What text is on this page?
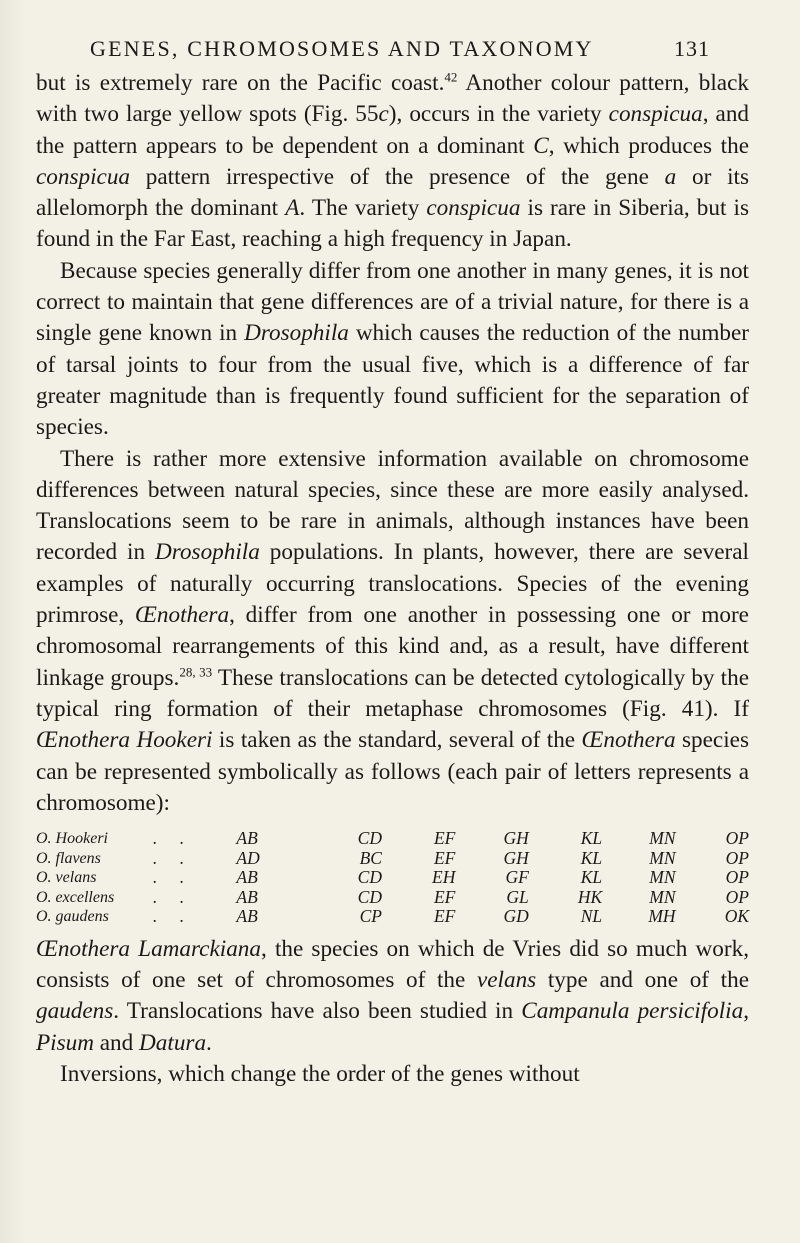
GENES, CHROMOSOMES AND TAXONOMY	131

but is extremely rare on the Pacific coast.$^{42}$ Another colour pattern, black with two large yellow spots (Fig. 55c), occurs in the variety conspicua, and the pattern appears to be dependent on a dominant C, which produces the conspicua pattern irrespective of the presence of the gene a or its allelomorph the dominant A. The variety conspicua is rare in Siberia, but is found in the Far East, reaching a high frequency in Japan.

Because species generally differ from one another in many genes, it is not correct to maintain that gene differences are of a trivial nature, for there is a single gene known in Drosophila which causes the reduction of the number of tarsal joints to four from the usual five, which is a difference of far greater magnitude than is frequently found sufficient for the separation of species.

There is rather more extensive information available on chromosome differences between natural species, since these are more easily analysed. Translocations seem to be rare in animals, although instances have been recorded in Drosophila populations. In plants, however, there are several examples of naturally occurring translocations. Species of the evening primrose, Œnothera, differ from one another in possessing one or more chromosomal rearrangements of this kind and, as a result, have different linkage groups.$^{28, 33}$ These translocations can be detected cytologically by the typical ring formation of their metaphase chromosomes (Fig. 41). If Œnothera Hookeri is taken as the standard, several of the Œnothera species can be represented symbolically as follows (each pair of letters represents a chromosome):

O. Hookeri	.    .	AB	CD	EF	GH	KL	MN	OP
O. flavens	.    .	AD	BC	EF	GH	KL	MN	OP
O. velans	.    .	AB	CD	EH	GF	KL	MN	OP
O. excellens	.    .	AB	CD	EF	GL	HK	MN	OP
O. gaudens	.    .	AB	CP	EF	GD	NL	MH	OK

Œnothera Lamarckiana, the species on which de Vries did so much work, consists of one set of chromosomes of the velans type and one of the gaudens. Translocations have also been studied in Campanula persicifolia, Pisum and Datura.

Inversions, which change the order of the genes without
